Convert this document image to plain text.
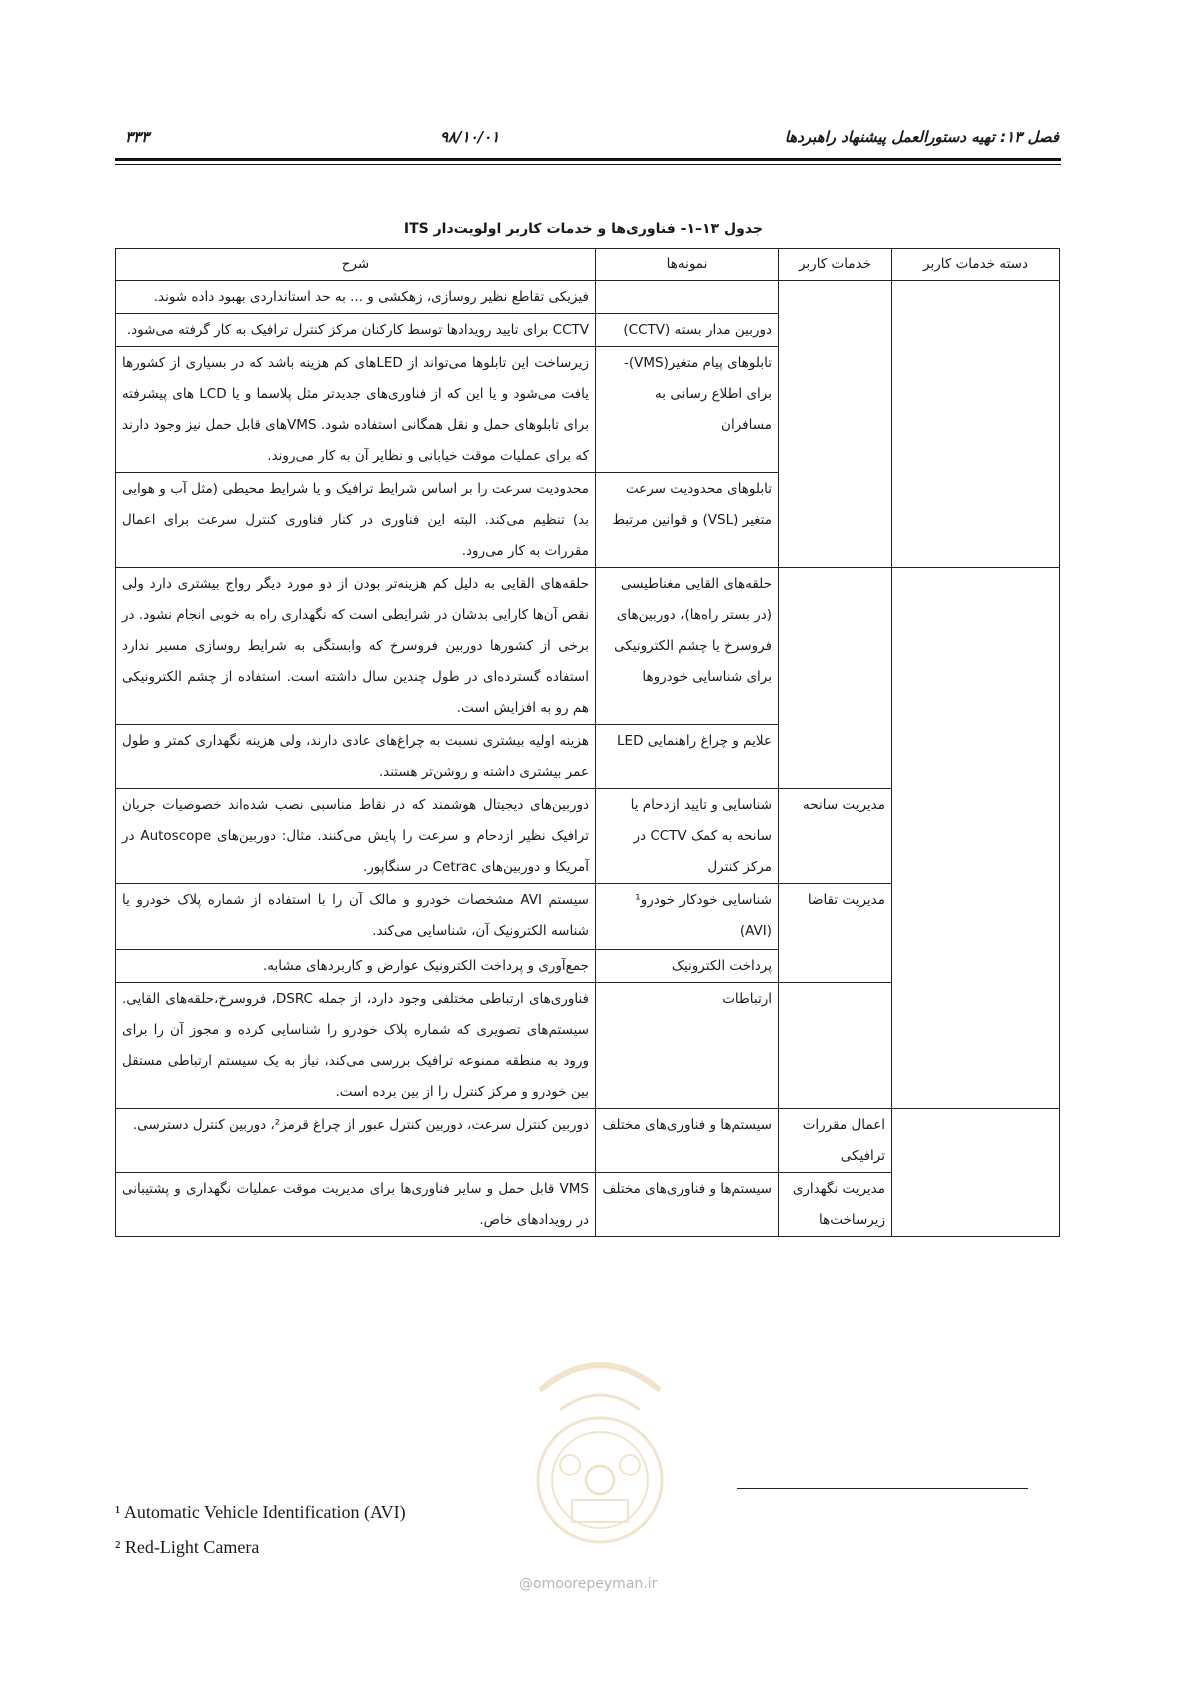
فصل ۱۳: تهیه دستورالعمل پیشنهاد راهبردها
۹۸/۱۰/۰۱
۳۳۳
جدول ۱۳–۱- فناوری‌ها و خدمات کاربر اولویت‌دار ITS
دسته خدمات کاربر	خدمات کاربر	نمونه‌ها	شرح
			فیزیکی تقاطع نظیر روسازی، زهکشی و ... به حد استانداردی بهبود داده شوند.
		دوربین مدار بسته (CCTV)	CCTV برای تایید رویدادها توسط کارکنان مرکز کنترل ترافیک به کار گرفته می‌شود.
		تابلوهای پیام متغیر(VMS)- برای اطلاع رسانی به مسافران	زیرساخت این تابلوها می‌تواند از LEDهای کم هزینه باشد که در بسیاری از کشورها یافت می‌شود و یا این که از فناوری‌های جدیدتر مثل پلاسما و یا LCD های پیشرفته برای تابلوهای حمل و نقل همگانی استفاده شود. VMSهای قابل حمل نیز وجود دارند که برای عملیات موقت خیابانی و نظایر آن به کار می‌روند.
		تابلوهای محدودیت سرعت متغیر (VSL) و قوانین مرتبط	محدودیت سرعت را بر اساس شرایط ترافیک و یا شرایط محیطی (مثل آب و هوایی بد) تنظیم می‌کند. البته این فناوری در کنار فناوری کنترل سرعت برای اعمال مقررات به کار می‌رود.
		حلقه‌های القایی مغناطیسی (در بستر راه‌ها)، دوربین‌های فروسرخ یا چشم الکترونیکی برای شناسایی خودروها	حلقه‌های القایی به دلیل کم هزینه‌تر بودن از دو مورد دیگر رواج بیشتری دارد ولی نقص آن‌ها کارایی بدشان در شرایطی است که نگهداری راه به خوبی انجام نشود. در برخی از کشورها دوربین فروسرخ که وابستگی به شرایط روسازی مسیر ندارد استفاده گسترده‌ای در طول چندین سال داشته است. استفاده از چشم الکترونیکی هم رو به افزایش است.
		علایم و چراغ راهنمایی LED	هزینه اولیه بیشتری نسبت به چراغ‌های عادی دارند، ولی هزینه نگهداری کمتر و طول عمر بیشتری داشته و روشن‌تر هستند.
	مدیریت سانحه	شناسایی و تایید ازدحام یا سانحه به کمک CCTV در مرکز کنترل	دوربین‌های دیجیتال هوشمند که در نقاط مناسبی نصب شده‌اند خصوصیات جریان ترافیک نظیر ازدحام و سرعت را پایش می‌کنند. مثال: دوربین‌های Autoscope در آمریکا و دوربین‌های Cetrac در سنگاپور.
	مدیریت تقاضا	شناسایی خودکار خودرو¹ (AVI)	سیستم AVI مشخصات خودرو و مالک آن را با استفاده از شماره پلاک خودرو یا شناسه الکترونیک آن، شناسایی می‌کند.
		پرداخت الکترونیک	جمع‌آوری و پرداخت الکترونیک عوارض و کاربردهای مشابه.
		ارتباطات	فناوری‌های ارتباطی مختلفی وجود دارد، از جمله DSRC، فروسرخ،حلقه‌های القایی. سیستم‌های تصویری که شماره پلاک خودرو را شناسایی کرده و مجوز آن را برای ورود به منطقه ممنوعه ترافیک بررسی می‌کند، نیاز به یک سیستم ارتباطی مستقل بین خودرو و مرکز کنترل را از بین برده است.
	اعمال مقررات ترافیکی	سیستم‌ها و فناوری‌های مختلف	دوربین کنترل سرعت، دوربین کنترل عبور از چراغ قرمز²، دوربین کنترل دسترسی.
	مدیریت نگهداری زیرساخت‌ها	سیستم‌ها و فناوری‌های مختلف	VMS قابل حمل و سایر فناوری‌ها برای مدیریت موقت عملیات نگهداری و پشتیبانی در رویدادهای خاص.
¹ Automatic Vehicle Identification (AVI)
² Red-Light Camera
@omoorepeyman.ir
